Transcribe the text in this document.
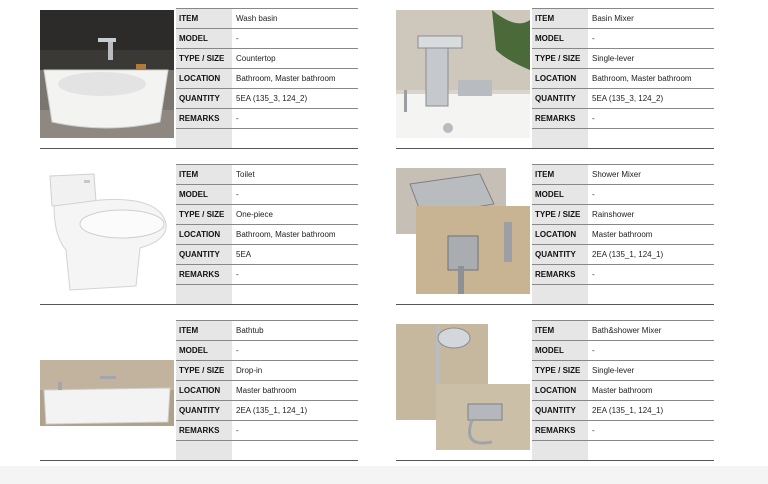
ITEM	Wash basin
MODEL	-
TYPE / SIZE	Countertop
LOCATION	Bathroom, Master bathroom
QUANTITY	5EA (135_3, 124_2)
REMARKS	-
ITEM	Basin Mixer
MODEL	-
TYPE / SIZE	Single-lever
LOCATION	Bathroom, Master bathroom
QUANTITY	5EA (135_3, 124_2)
REMARKS	-
ITEM	Toilet
MODEL	-
TYPE / SIZE	One-piece
LOCATION	Bathroom, Master bathroom
QUANTITY	5EA
REMARKS	-
ITEM	Shower Mixer
MODEL	-
TYPE / SIZE	Rainshower
LOCATION	Master bathroom
QUANTITY	2EA (135_1, 124_1)
REMARKS	-
ITEM	Bathtub
MODEL	-
TYPE / SIZE	Drop-in
LOCATION	Master bathroom
QUANTITY	2EA (135_1, 124_1)
REMARKS	-
ITEM	Bath&shower Mixer
MODEL	-
TYPE / SIZE	Single-lever
LOCATION	Master bathroom
QUANTITY	2EA (135_1, 124_1)
REMARKS	-
